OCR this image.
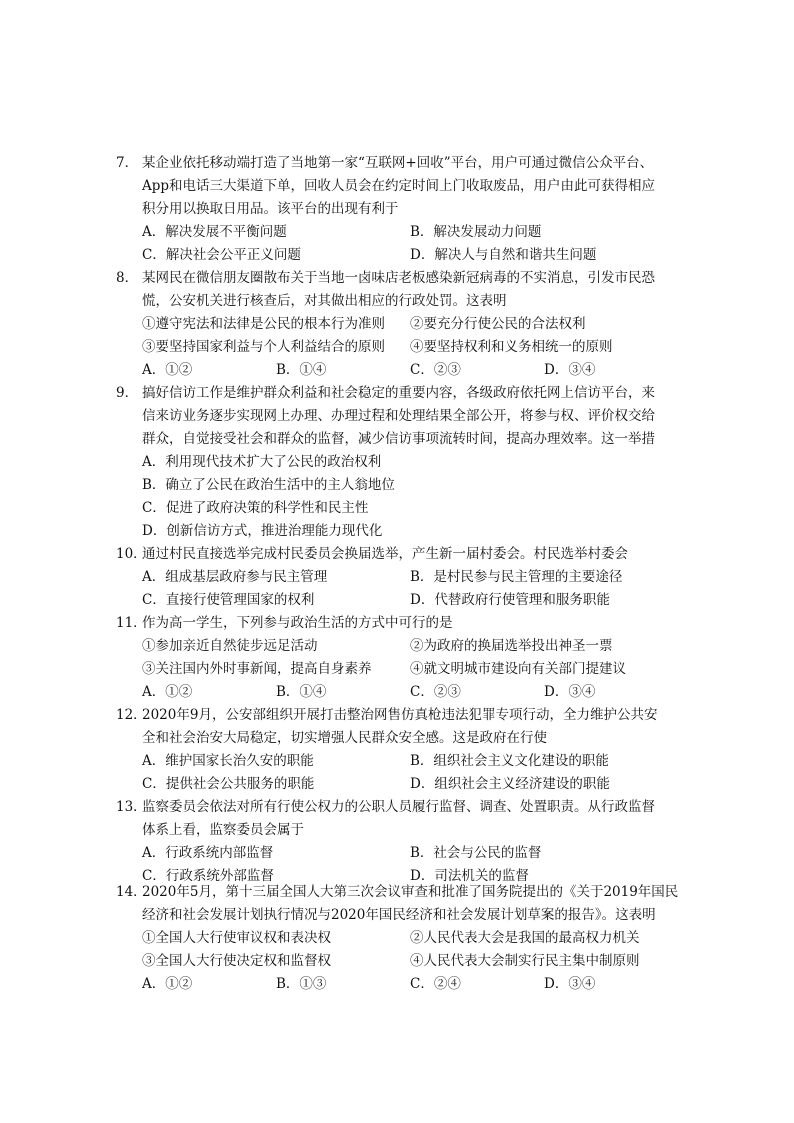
7． 某企业依托移动端打造了当地第一家“互联网+回收”平台，用户可通过微信公众平台、
App和电话三大渠道下单，回收人员会在约定时间上门收取废品，用户由此可获得相应
积分用以换取日用品。该平台的出现有利于
A．解决发展不平衡问题	B．解决发展动力问题
C．解决社会公平正义问题	D．解决人与自然和谐共生问题
8． 某网民在微信朋友圈散布关于当地一卤味店老板感染新冠病毒的不实消息，引发市民恐
慌，公安机关进行核查后，对其做出相应的行政处罚。这表明
①遵守宪法和法律是公民的根本行为准则	②要充分行使公民的合法权利
③要坚持国家利益与个人利益结合的原则	④要坚持权利和义务相统一的原则
A．①②	B．①④	C．②③	D．③④
9． 搞好信访工作是维护群众利益和社会稳定的重要内容，各级政府依托网上信访平台，来
信来访业务逐步实现网上办理、办理过程和处理结果全部公开，将参与权、评价权交给
群众，自觉接受社会和群众的监督，减少信访事项流转时间，提高办理效率。这一举措
A．利用现代技术扩大了公民的政治权利
B．确立了公民在政治生活中的主人翁地位
C．促进了政府决策的科学性和民主性
D．创新信访方式，推进治理能力现代化
10．通过村民直接选举完成村民委员会换届选举，产生新一届村委会。村民选举村委会
A．组成基层政府参与民主管理	B．是村民参与民主管理的主要途径
C．直接行使管理国家的权利	D．代替政府行使管理和服务职能
11．作为高一学生，下列参与政治生活的方式中可行的是
①参加亲近自然徒步远足活动	②为政府的换届选举投出神圣一票
③关注国内外时事新闻，提高自身素养	④就文明城市建设向有关部门提建议
A．①②	B．①④	C．②③	D．③④
12．2020年9月，公安部组织开展打击整治网售仿真枪违法犯罪专项行动，全力维护公共安
全和社会治安大局稳定，切实增强人民群众安全感。这是政府在行使
A．维护国家长治久安的职能	B．组织社会主义文化建设的职能
C．提供社会公共服务的职能	D．组织社会主义经济建设的职能
13．监察委员会依法对所有行使公权力的公职人员履行监督、调查、处置职责。从行政监督
体系上看，监察委员会属于
A．行政系统内部监督	B．社会与公民的监督
C．行政系统外部监督	D．司法机关的监督
14．2020年5月，第十三届全国人大第三次会议审查和批准了国务院提出的《关于2019年国民
经济和社会发展计划执行情况与2020年国民经济和社会发展计划草案的报告》。这表明
①全国人大行使审议权和表决权	②人民代表大会是我国的最高权力机关
③全国人大行使决定权和监督权	④人民代表大会制实行民主集中制原则
A．①②	B．①③	C．②④	D．③④
